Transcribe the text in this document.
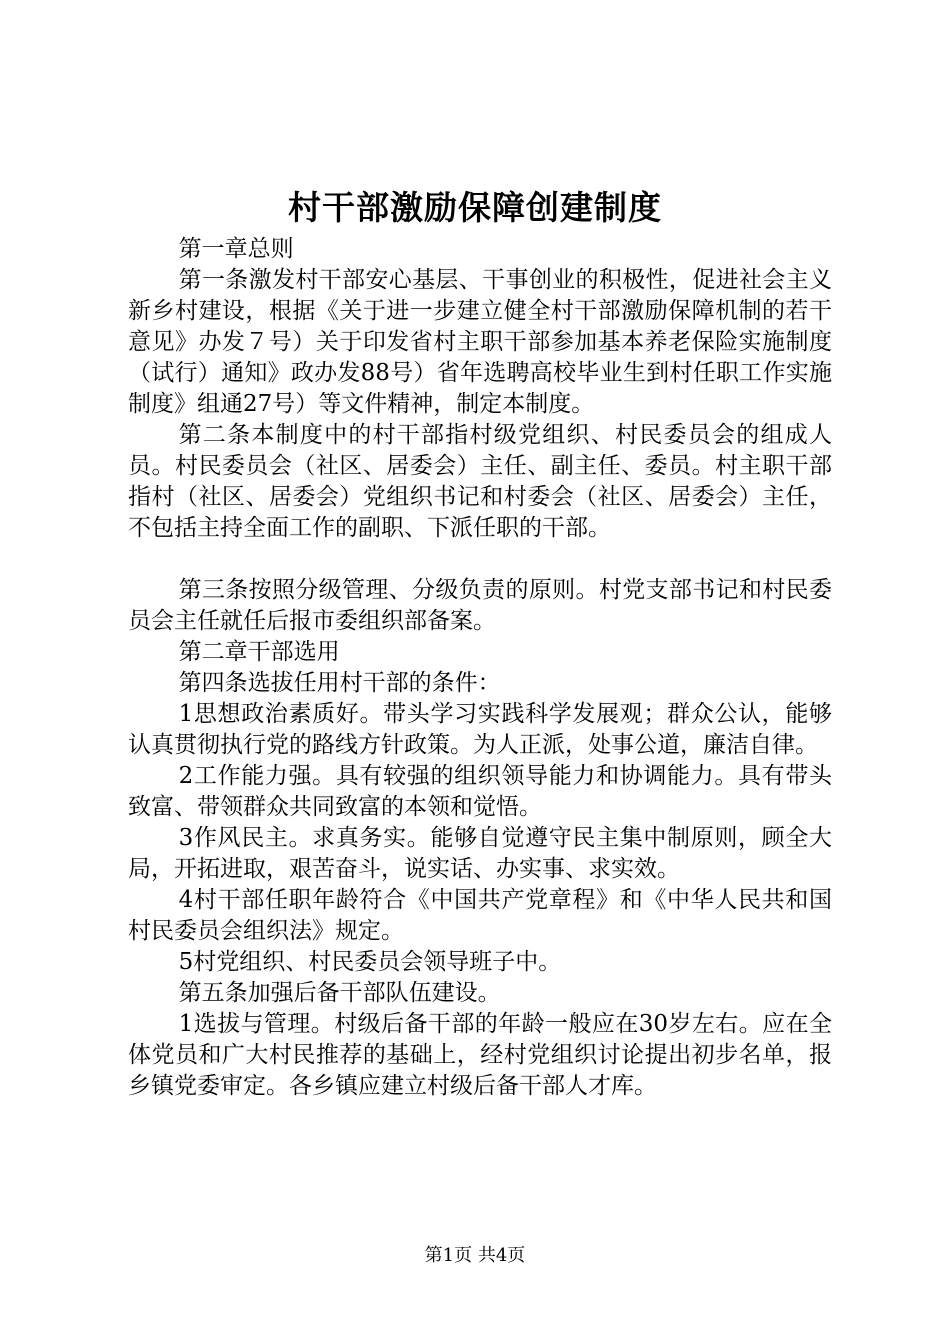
村干部激励保障创建制度

第一章总则

第一条激发村干部安心基层、干事创业的积极性，促进社会主义新乡村建设，根据《关于进一步建立健全村干部激励保障机制的若干意见》办发７号）关于印发省村主职干部参加基本养老保险实施制度（试行）通知》政办发88号）省年选聘高校毕业生到村任职工作实施制度》组通27号）等文件精神，制定本制度。

第二条本制度中的村干部指村级党组织、村民委员会的组成人员。村民委员会（社区、居委会）主任、副主任、委员。村主职干部指村（社区、居委会）党组织书记和村委会（社区、居委会）主任，不包括主持全面工作的副职、下派任职的干部。

第三条按照分级管理、分级负责的原则。村党支部书记和村民委员会主任就任后报市委组织部备案。

第二章干部选用

第四条选拔任用村干部的条件：

1思想政治素质好。带头学习实践科学发展观；群众公认，能够认真贯彻执行党的路线方针政策。为人正派，处事公道，廉洁自律。

2工作能力强。具有较强的组织领导能力和协调能力。具有带头致富、带领群众共同致富的本领和觉悟。

3作风民主。求真务实。能够自觉遵守民主集中制原则，顾全大局，开拓进取，艰苦奋斗，说实话、办实事、求实效。

4村干部任职年龄符合《中国共产党章程》和《中华人民共和国村民委员会组织法》规定。

5村党组织、村民委员会领导班子中。

第五条加强后备干部队伍建设。

1选拔与管理。村级后备干部的年龄一般应在30岁左右。应在全体党员和广大村民推荐的基础上，经村党组织讨论提出初步名单，报乡镇党委审定。各乡镇应建立村级后备干部人才库。

第1页 共4页
